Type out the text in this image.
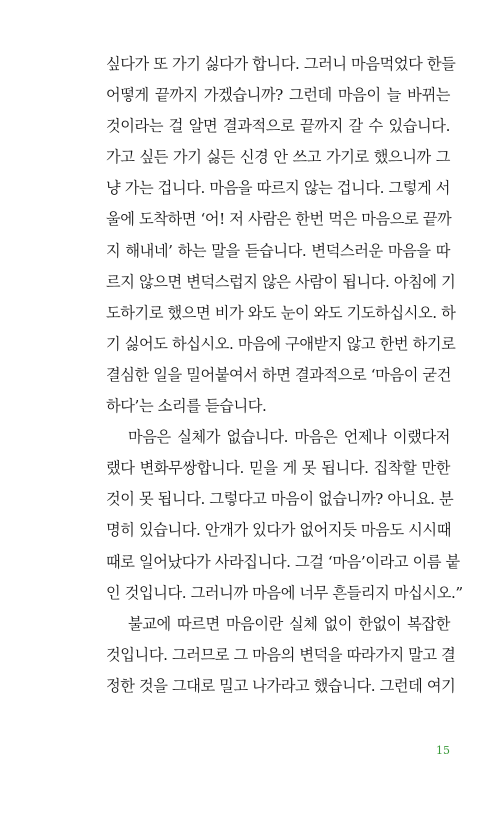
싶다가 또 가기 싫다가 합니다. 그러니 마음먹었다 한들
어떻게 끝까지 가겠습니까? 그런데 마음이 늘 바뀌는
것이라는 걸 알면 결과적으로 끝까지 갈 수 있습니다.
가고 싶든 가기 싫든 신경 안 쓰고 가기로 했으니까 그
냥 가는 겁니다. 마음을 따르지 않는 겁니다. 그렇게 서
울에 도착하면 ‘어! 저 사람은 한번 먹은 마음으로 끝까
지 해내네’ 하는 말을 듣습니다. 변덕스러운 마음을 따
르지 않으면 변덕스럽지 않은 사람이 됩니다. 아침에 기
도하기로 했으면 비가 와도 눈이 와도 기도하십시오. 하
기 싫어도 하십시오. 마음에 구애받지 않고 한번 하기로
결심한 일을 밀어붙여서 하면 결과적으로 ‘마음이 굳건
하다’는 소리를 듣습니다.
마음은 실체가 없습니다. 마음은 언제나 이랬다저
랬다 변화무쌍합니다. 믿을 게 못 됩니다. 집착할 만한
것이 못 됩니다. 그렇다고 마음이 없습니까? 아니요. 분
명히 있습니다. 안개가 있다가 없어지듯 마음도 시시때
때로 일어났다가 사라집니다. 그걸 ‘마음’이라고 이름 붙
인 것입니다. 그러니까 마음에 너무 흔들리지 마십시오.”
불교에 따르면 마음이란 실체 없이 한없이 복잡한
것입니다. 그러므로 그 마음의 변덕을 따라가지 말고 결
정한 것을 그대로 밀고 나가라고 했습니다. 그런데 여기
15
